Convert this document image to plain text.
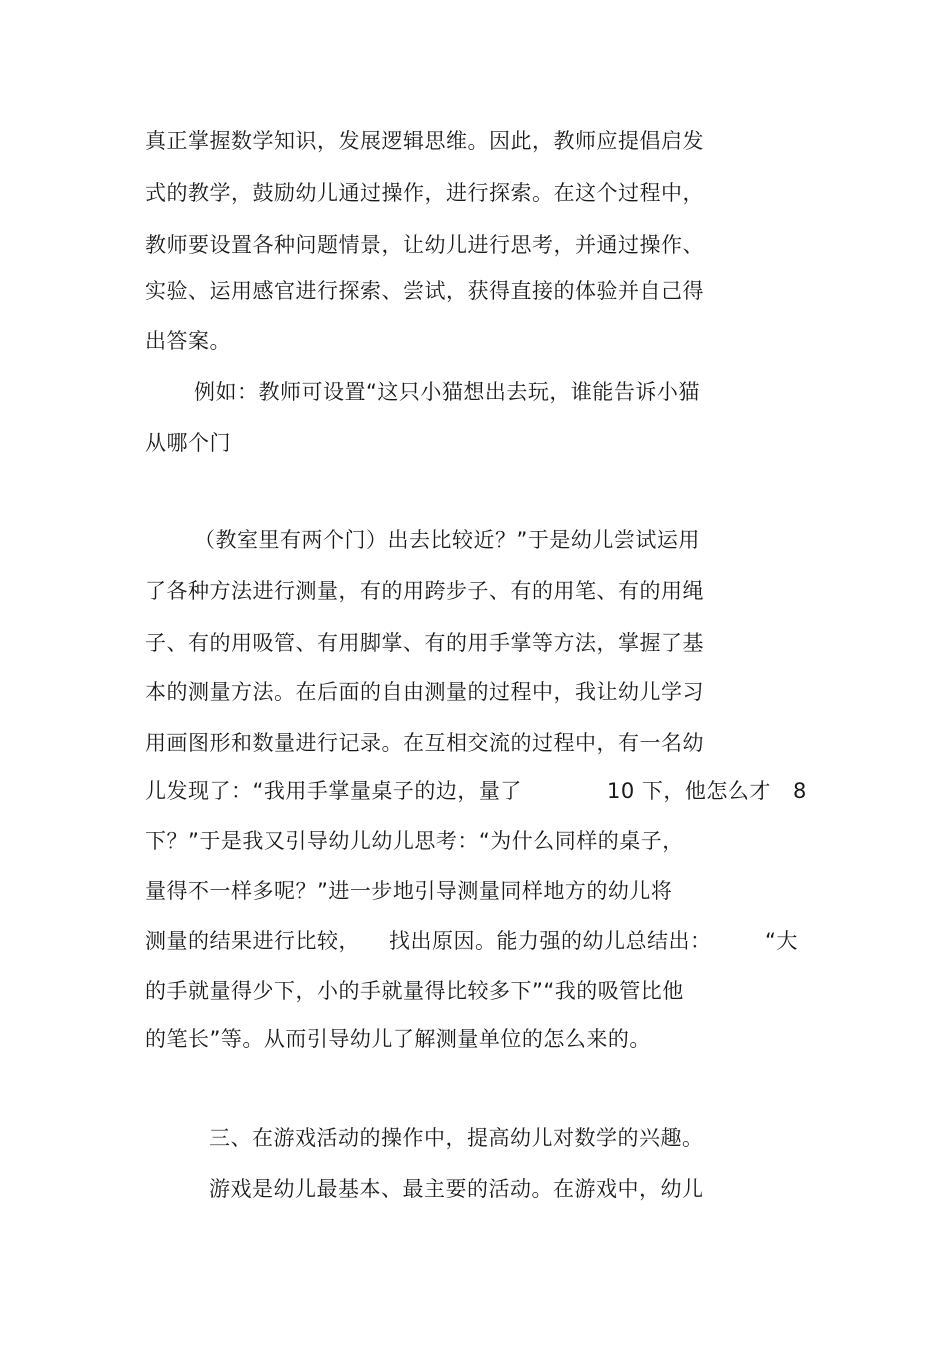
真正掌握数学知识，发展逻辑思维。因此，教师应提倡启发
式的教学，鼓励幼儿通过操作，进行探索。在这个过程中，
教师要设置各种问题情景，让幼儿进行思考，并通过操作、
实验、运用感官进行探索、尝试，获得直接的体验并自己得
出答案。
例如：教师可设置“这只小猫想出去玩，谁能告诉小猫
从哪个门
（教室里有两个门）出去比较近？”于是幼儿尝试运用
了各种方法进行测量，有的用跨步子、有的用笔、有的用绳
子、有的用吸管、有用脚掌、有的用手掌等方法，掌握了基
本的测量方法。在后面的自由测量的过程中，我让幼儿学习
用画图形和数量进行记录。在互相交流的过程中，有一名幼
儿发现了：“我用手掌量桌子的边，量了	10 下，他怎么才 8
下？”于是我又引导幼儿幼儿思考：“为什么同样的桌子，
量得不一样多呢？”进一步地引导测量同样地方的幼儿将
测量的结果进行比较， 找出原因。能力强的幼儿总结出：	“大
的手就量得少下，小的手就量得比较多下”“我的吸管比他
的笔长”等。从而引导幼儿了解测量单位的怎么来的。
三、在游戏活动的操作中，提高幼儿对数学的兴趣。
游戏是幼儿最基本、最主要的活动。在游戏中，幼儿
